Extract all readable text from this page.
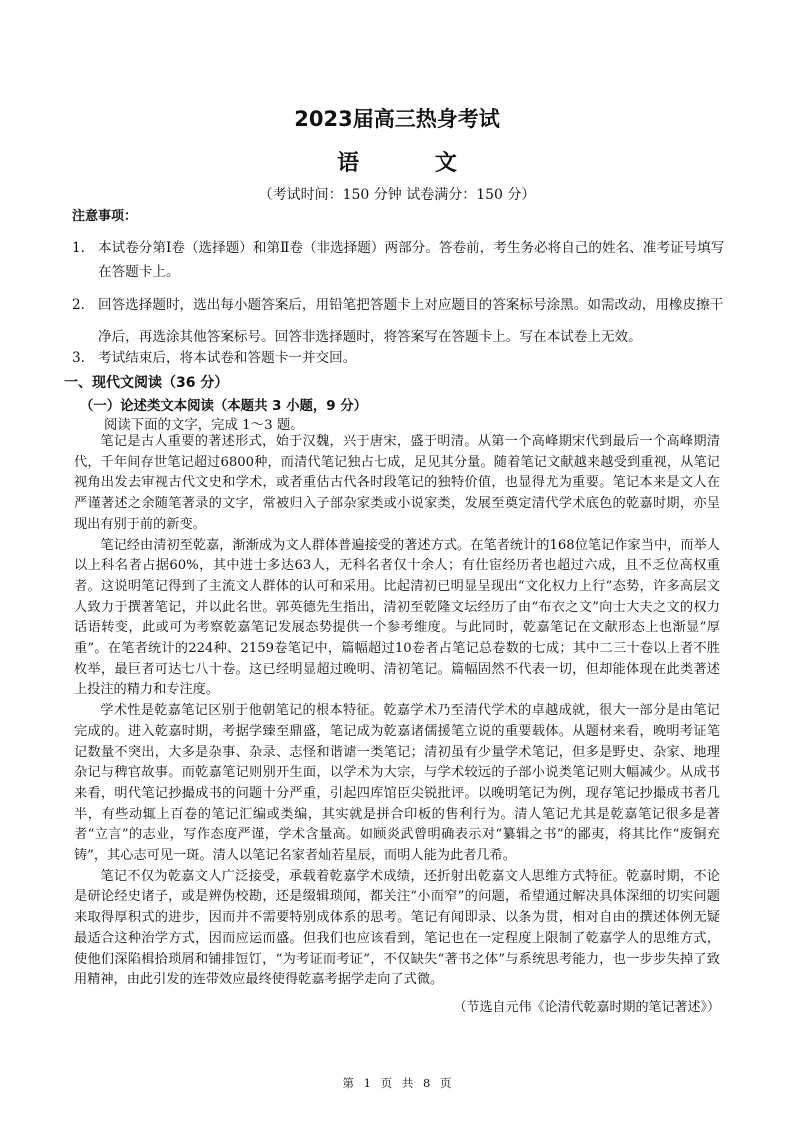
2023届高三热身考试
语 文
（考试时间：150 分钟 试卷满分：150 分）
注意事项：
1. 本试卷分第Ⅰ卷（选择题）和第Ⅱ卷（非选择题）两部分。答卷前，考生务必将自己的姓名、准考证号填写在答题卡上。
2. 回答选择题时，选出每小题答案后，用铅笔把答题卡上对应题目的答案标号涂黑。如需改动，用橡皮擦干净后，再选涂其他答案标号。回答非选择题时，将答案写在答题卡上。写在本试卷上无效。
3. 考试结束后，将本试卷和答题卡一并交回。
一、现代文阅读（36 分）
（一）论述类文本阅读（本题共 3 小题，9 分）
阅读下面的文字，完成 1～3 题。

笔记是古人重要的著述形式，始于汉魏，兴于唐宋，盛于明清。从第一个高峰期宋代到最后一个高峰期清代，千年间存世笔记超过6800种，而清代笔记独占七成，足见其分量。随着笔记文献越来越受到重视，从笔记视角出发去审视古代文史和学术，或者重估古代各时段笔记的独特价值，也显得尤为重要。笔记本来是文人在严谨著述之余随笔著录的文字，常被归入子部杂家类或小说家类，发展至奠定清代学术底色的乾嘉时期，亦呈现出有别于前的新变。

笔记经由清初至乾嘉，渐渐成为文人群体普遍接受的著述方式。在笔者统计的168位笔记作家当中，而举人以上科名者占据60%，其中进士多达63人，无科名者仅十余人；有仕宦经历者也超过六成，且不乏位高权重者。这说明笔记得到了主流文人群体的认可和采用。比起清初已明显呈现出“文化权力上行”态势，许多高层文人致力于撰著笔记，并以此名世。郭英德先生指出，清初至乾隆文坛经历了由“布衣之文”向士大夫之文的权力话语转变，此或可为考察乾嘉笔记发展态势提供一个参考维度。与此同时，乾嘉笔记在文献形态上也渐显“厚重”。在笔者统计的224种、2159卷笔记中，篇幅超过10卷者占笔记总卷数的七成；其中二三十卷以上者不胜枚举，最巨者可达七八十卷。这已经明显超过晚明、清初笔记。篇幅固然不代表一切，但却能体现在此类著述上投注的精力和专注度。

学术性是乾嘉笔记区别于他朝笔记的根本特征。乾嘉学术乃至清代学术的卓越成就，很大一部分是由笔记完成的。进入乾嘉时期，考据学臻至鼎盛，笔记成为乾嘉诸儒援笔立说的重要载体。从题材来看，晚明考证笔记数量不突出，大多是杂事、杂录、志怪和谐谑一类笔记；清初虽有少量学术笔记，但多是野史、杂家、地理杂记与稗官故事。而乾嘉笔记则别开生面，以学术为大宗，与学术较远的子部小说类笔记则大幅减少。从成书来看，明代笔记抄撮成书的问题十分严重，引起四库馆臣尖锐批评。以晚明笔记为例，现存笔记抄撮成书者几半，有些动辄上百卷的笔记汇编或类编，其实就是拼合印板的售利行为。清人笔记尤其是乾嘉笔记很多是著者“立言”的志业，写作态度严谨，学术含量高。如顾炎武曾明确表示对“纂辑之书”的鄙夷，将其比作“废铜充铸”，其心志可见一斑。清人以笔记名家者灿若星辰，而明人能为此者几希。

笔记不仅为乾嘉文人广泛接受，承载着乾嘉学术成绩，还折射出乾嘉文人思维方式特征。乾嘉时期，不论是研论经史诸子，或是辨伪校勘，还是缀辑琐闻，都关注“小而窄”的问题，希望通过解决具体深细的切实问题来取得厚积式的进步，因而并不需要特别成体系的思考。笔记有闻即录、以条为贯，相对自由的撰述体例无疑最适合这种治学方式，因而应运而盛。但我们也应该看到，笔记也在一定程度上限制了乾嘉学人的思维方式，使他们深陷楫拾琐屑和铺排饾饤，“为考证而考证”，不仅缺失“著书之体”与系统思考能力，也一步步失掉了致用精神，由此引发的连带效应最终使得乾嘉考据学走向了式微。

（节选自元伟《论清代乾嘉时期的笔记著述》）
第 1 页 共 8 页
